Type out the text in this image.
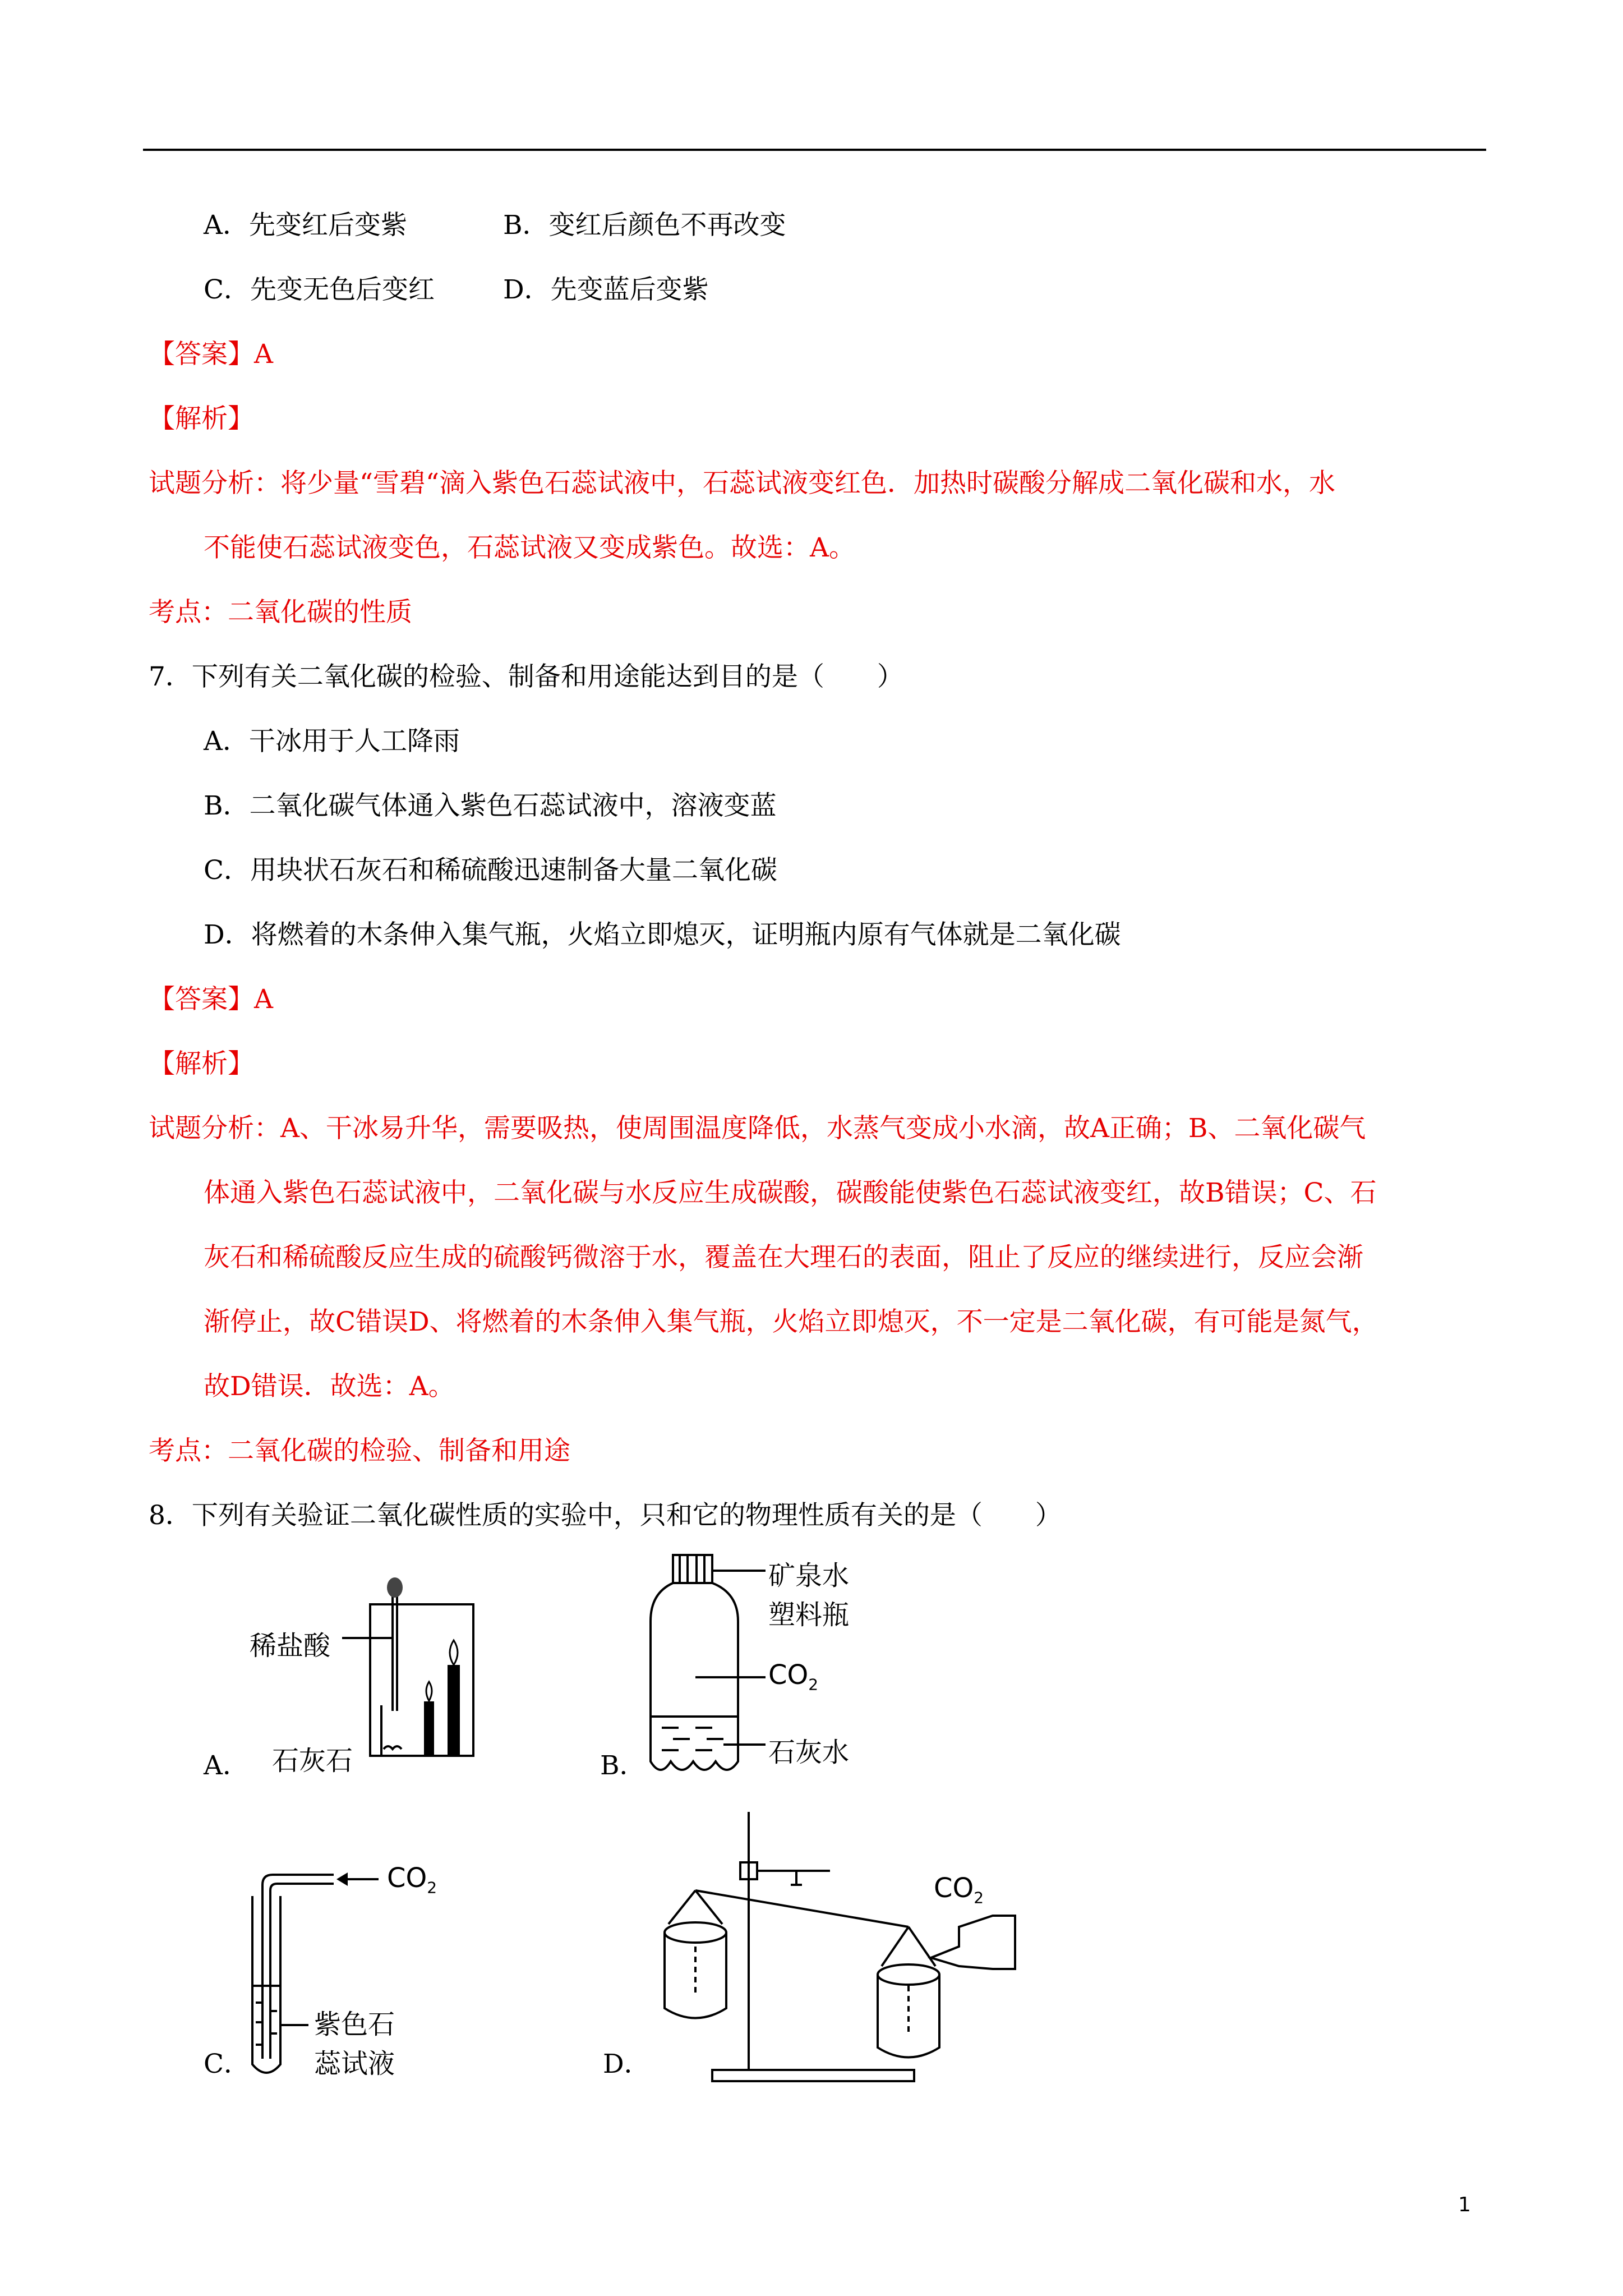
A．先变红后变紫	B．变红后颜色不再改变
C．先变无色后变红	D．先变蓝后变紫
【答案】A
【解析】
试题分析：将少量“雪碧“滴入紫色石蕊试液中，石蕊试液变红色．加热时碳酸分解成二氧化碳和水，水
不能使石蕊试液变色，石蕊试液又变成紫色。故选：A。
考点：二氧化碳的性质
7．下列有关二氧化碳的检验、制备和用途能达到目的是（　　）
A．干冰用于人工降雨
B．二氧化碳气体通入紫色石蕊试液中，溶液变蓝
C．用块状石灰石和稀硫酸迅速制备大量二氧化碳
D．将燃着的木条伸入集气瓶，火焰立即熄灭，证明瓶内原有气体就是二氧化碳
【答案】A
【解析】
试题分析：A、干冰易升华，需要吸热，使周围温度降低，水蒸气变成小水滴，故A正确；B、二氧化碳气
体通入紫色石蕊试液中，二氧化碳与水反应生成碳酸，碳酸能使紫色石蕊试液变红，故B错误；C、石
灰石和稀硫酸反应生成的硫酸钙微溶于水，覆盖在大理石的表面，阻止了反应的继续进行，反应会渐
渐停止，故C错误D、将燃着的木条伸入集气瓶，火焰立即熄灭，不一定是二氧化碳，有可能是氮气，
故D错误．故选：A。
考点：二氧化碳的检验、制备和用途
8．下列有关验证二氧化碳性质的实验中，只和它的物理性质有关的是（　　）
A．
稀盐酸
石灰石	B．
矿泉水
塑料瓶
$CO_2$
石灰水
C．
$CO_2$
紫色石
蕊试液	D．
$CO_2$
1
